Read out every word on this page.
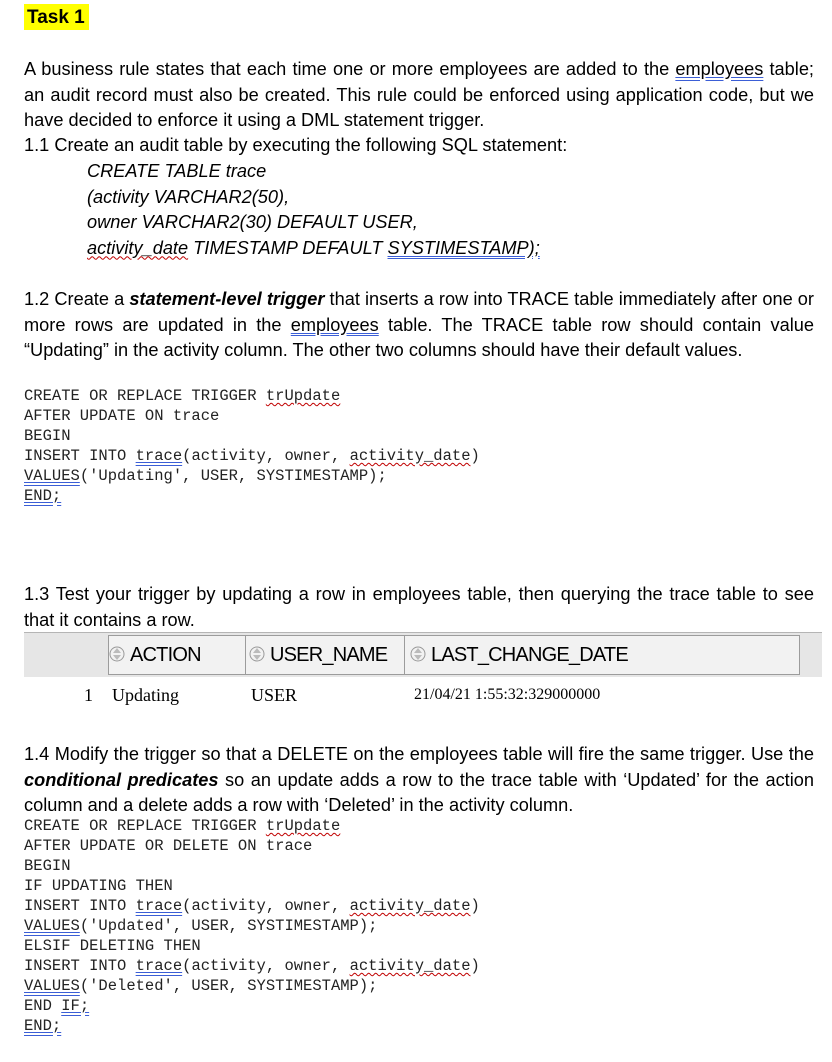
Task 1

A business rule states that each time one or more employees are added to the employees table; an audit record must also be created. This rule could be enforced using application code, but we have decided to enforce it using a DML statement trigger.

1.1 Create an audit table by executing the following SQL statement:

CREATE TABLE trace
(activity VARCHAR2(50),
owner VARCHAR2(30) DEFAULT USER,
activity_date TIMESTAMP DEFAULT SYSTIMESTAMP);

1.2 Create a statement-level trigger that inserts a row into TRACE table immediately after one or more rows are updated in the employees table. The TRACE table row should contain value “Updating” in the activity column. The other two columns should have their default values.

CREATE OR REPLACE TRIGGER trUpdate
AFTER UPDATE ON trace
BEGIN
INSERT INTO trace(activity, owner, activity_date)
VALUES('Updating', USER, SYSTIMESTAMP);
END;

1.3 Test your trigger by updating a row in employees table, then querying the trace table to see that it contains a row.

ACTION	USER_NAME	LAST_CHANGE_DATE
1 Updating	USER	21/04/21 1:55:32:329000000

1.4 Modify the trigger so that a DELETE on the employees table will fire the same trigger. Use the conditional predicates so an update adds a row to the trace table with ‘Updated’ for the action column and a delete adds a row with ‘Deleted’ in the activity column.

CREATE OR REPLACE TRIGGER trUpdate
AFTER UPDATE OR DELETE ON trace
BEGIN
IF UPDATING THEN
INSERT INTO trace(activity, owner, activity_date)
VALUES('Updated', USER, SYSTIMESTAMP);
ELSIF DELETING THEN
INSERT INTO trace(activity, owner, activity_date)
VALUES('Deleted', USER, SYSTIMESTAMP);
END IF;
END;
